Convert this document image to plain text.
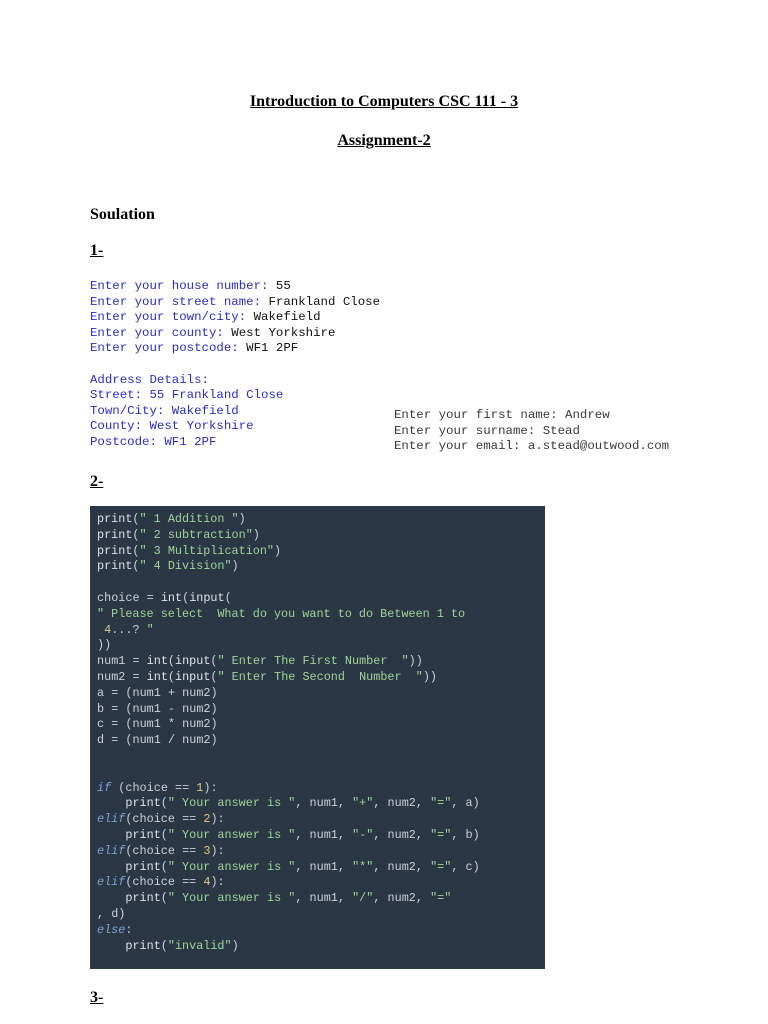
Introduction to Computers CSC 111 - 3
Assignment-2
Soulation
1-
Enter your house number: 55
Enter your street name: Frankland Close
Enter your town/city: Wakefield
Enter your county: West Yorkshire
Enter your postcode: WF1 2PF

Address Details:
Street: 55 Frankland Close
Town/City: Wakefield
County: West Yorkshire
Postcode: WF1 2PF
Enter your first name: Andrew
Enter your surname: Stead
Enter your email: a.stead@outwood.com
2-
print(" 1 Addition ")
print(" 2 subtraction")
print(" 3 Multiplication")
print(" 4 Division")

choice = int(input(
" Please select  What do you want to do Between 1 to
4...? "
))
num1 = int(input(" Enter The First Number  "))
num2 = int(input(" Enter The Second  Number  "))
a = (num1 + num2)
b = (num1 - num2)
c = (num1 * num2)
d = (num1 / num2)

if (choice == 1):
print(" Your answer is ", num1, "+", num2, "=", a)
elif(choice == 2):
print(" Your answer is ", num1, "-", num2, "=", b)
elif(choice == 3):
print(" Your answer is ", num1, "*", num2, "=", c)
elif(choice == 4):
print(" Your answer is ", num1, "/", num2, "="
, d)
else:
print("invalid")
3-
